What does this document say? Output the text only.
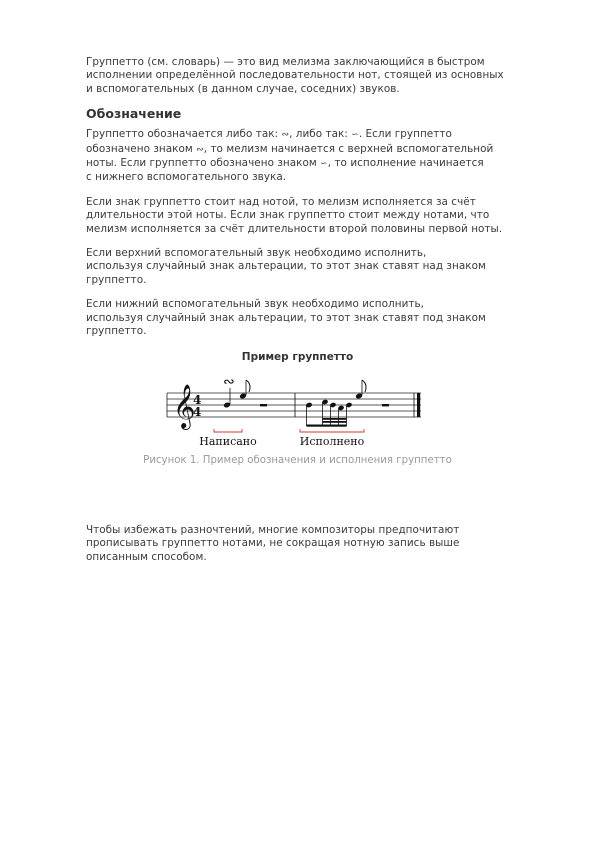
Группетто (см. словарь) — это вид мелизма заключающийся в быстром
исполнении определённой последовательности нот, стоящей из основных
и вспомогательных (в данном случае, соседних) звуков.

Обозначение

Группетто обозначается либо так: ∾, либо так: ∽. Если группетто
обозначено знаком ∾, то мелизм начинается с верхней вспомогательной
ноты. Если группетто обозначено знаком ∽, то исполнение начинается
с нижнего вспомогательного звука.

Если знак группетто стоит над нотой, то мелизм исполняется за счёт
длительности этой ноты. Если знак группетто стоит между нотами, что
мелизм исполняется за счёт длительности второй половины первой ноты.

Если верхний вспомогательный звук необходимо исполнить,
используя случайный знак альтерации, то этот знак ставят над знаком
группетто.

Если нижний вспомогательный звук необходимо исполнить,
используя случайный знак альтерации, то этот знак ставят под знаком
группетто.

Пример группетто

𝄞
4
4
∾
Написано	Исполнено
Рисунок 1. Пример обозначения и исполнения группетто

Чтобы избежать разночтений, многие композиторы предпочитают
прописывать группетто нотами, не сокращая нотную запись выше
описанным способом.
